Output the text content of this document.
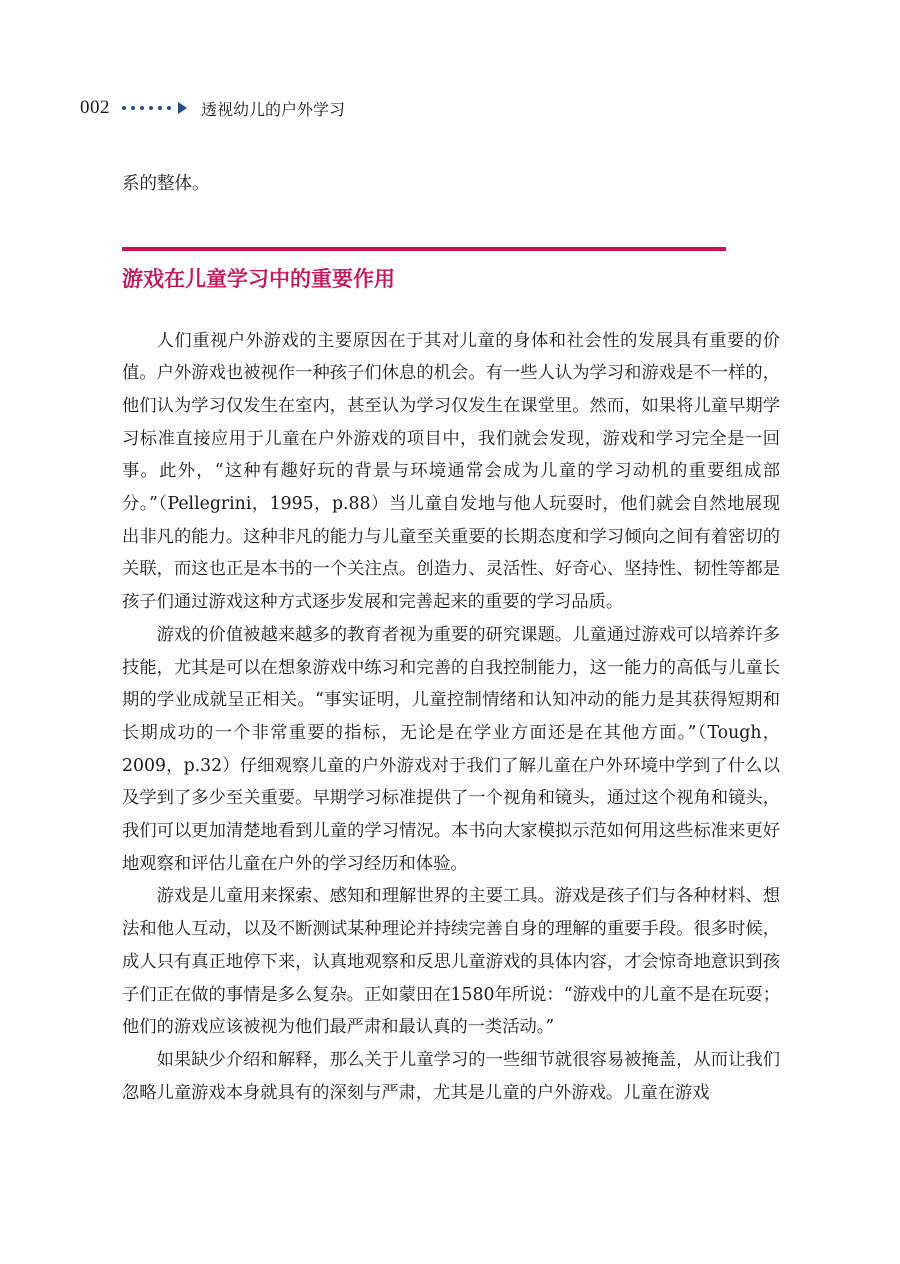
002	透视幼儿的户外学习

系的整体。

游戏在儿童学习中的重要作用

人们重视户外游戏的主要原因在于其对儿童的身体和社会性的发展具有重要的价值。户外游戏也被视作一种孩子们休息的机会。有一些人认为学习和游戏是不一样的，他们认为学习仅发生在室内，甚至认为学习仅发生在课堂里。然而，如果将儿童早期学习标准直接应用于儿童在户外游戏的项目中，我们就会发现，游戏和学习完全是一回事。此外，“这种有趣好玩的背景与环境通常会成为儿童的学习动机的重要组成部分。”（Pellegrini，1995，p.88）当儿童自发地与他人玩耍时，他们就会自然地展现出非凡的能力。这种非凡的能力与儿童至关重要的长期态度和学习倾向之间有着密切的关联，而这也正是本书的一个关注点。创造力、灵活性、好奇心、坚持性、韧性等都是孩子们通过游戏这种方式逐步发展和完善起来的重要的学习品质。

游戏的价值被越来越多的教育者视为重要的研究课题。儿童通过游戏可以培养许多技能，尤其是可以在想象游戏中练习和完善的自我控制能力，这一能力的高低与儿童长期的学业成就呈正相关。“事实证明，儿童控制情绪和认知冲动的能力是其获得短期和长期成功的一个非常重要的指标，无论是在学业方面还是在其他方面。”（Tough，2009，p.32）仔细观察儿童的户外游戏对于我们了解儿童在户外环境中学到了什么以及学到了多少至关重要。早期学习标准提供了一个视角和镜头，通过这个视角和镜头，我们可以更加清楚地看到儿童的学习情况。本书向大家模拟示范如何用这些标准来更好地观察和评估儿童在户外的学习经历和体验。

游戏是儿童用来探索、感知和理解世界的主要工具。游戏是孩子们与各种材料、想法和他人互动，以及不断测试某种理论并持续完善自身的理解的重要手段。很多时候，成人只有真正地停下来，认真地观察和反思儿童游戏的具体内容，才会惊奇地意识到孩子们正在做的事情是多么复杂。正如蒙田在1580年所说：“游戏中的儿童不是在玩耍；他们的游戏应该被视为他们最严肃和最认真的一类活动。”

如果缺少介绍和解释，那么关于儿童学习的一些细节就很容易被掩盖，从而让我们忽略儿童游戏本身就具有的深刻与严肃，尤其是儿童的户外游戏。儿童在游戏
